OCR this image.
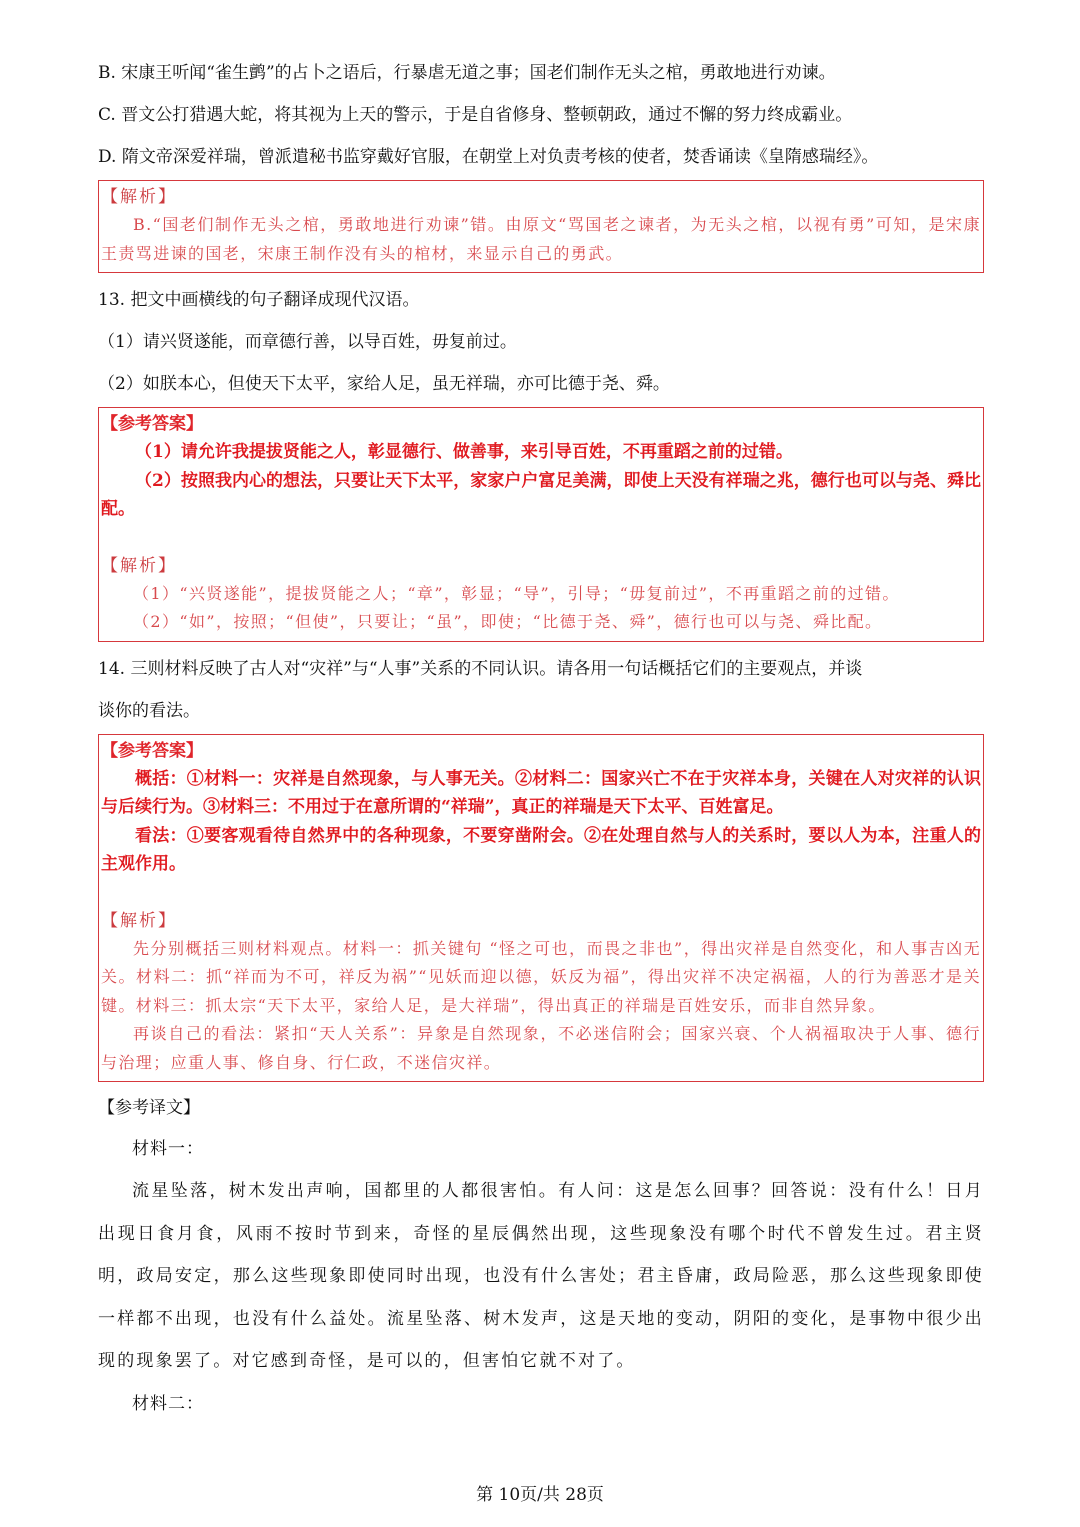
B. 宋康王听闻“雀生鹯”的占卜之语后，行暴虐无道之事；国老们制作无头之棺，勇敢地进行劝谏。

C. 晋文公打猎遇大蛇，将其视为上天的警示，于是自省修身、整顿朝政，通过不懈的努力终成霸业。

D. 隋文帝深爱祥瑞，曾派遣秘书监穿戴好官服，在朝堂上对负责考核的使者，焚香诵读《皇隋感瑞经》。

【解析】

B.“国老们制作无头之棺，勇敢地进行劝谏”错。由原文“骂国老之谏者，为无头之棺，以视有勇”可知，是宋康王责骂进谏的国老，宋康王制作没有头的棺材，来显示自己的勇武。

13. 把文中画横线的句子翻译成现代汉语。

（1）请兴贤遂能，而章德行善，以导百姓，毋复前过。

（2）如朕本心，但使天下太平，家给人足，虽无祥瑞，亦可比德于尧、舜。

【参考答案】

（1）请允许我提拔贤能之人，彰显德行、做善事，来引导百姓，不再重蹈之前的过错。

（2）按照我内心的想法，只要让天下太平，家家户户富足美满，即使上天没有祥瑞之兆，德行也可以与尧、舜比配。

【解析】

（1）“兴贤遂能”，提拔贤能之人；“章”，彰显；“导”，引导；“毋复前过”，不再重蹈之前的过错。

（2）“如”，按照；“但使”，只要让；“虽”，即使；“比德于尧、舜”，德行也可以与尧、舜比配。

14. 三则材料反映了古人对“灾祥”与“人事”关系的不同认识。请各用一句话概括它们的主要观点，并谈

谈你的看法。

【参考答案】

概括：①材料一：灾祥是自然现象，与人事无关。②材料二：国家兴亡不在于灾祥本身，关键在人对灾祥的认识与后续行为。③材料三：不用过于在意所谓的“祥瑞”，真正的祥瑞是天下太平、百姓富足。

看法：①要客观看待自然界中的各种现象，不要穿凿附会。②在处理自然与人的关系时，要以人为本，注重人的主观作用。

【解析】

先分别概括三则材料观点。材料一：抓关键句 “怪之可也，而畏之非也”，得出灾祥是自然变化，和人事吉凶无关。材料二：抓“祥而为不可，祥反为祸”“见妖而迎以德，妖反为福”，得出灾祥不决定祸福，人的行为善恶才是关键。材料三：抓太宗“天下太平，家给人足，是大祥瑞”，得出真正的祥瑞是百姓安乐，而非自然异象。

再谈自己的看法：紧扣“天人关系”：异象是自然现象，不必迷信附会；国家兴衰、个人祸福取决于人事、德行与治理；应重人事、修自身、行仁政，不迷信灾祥。

【参考译文】

材料一：

流星坠落，树木发出声响，国都里的人都很害怕。有人问：这是怎么回事？回答说：没有什么！日月出现日食月食，风雨不按时节到来，奇怪的星辰偶然出现，这些现象没有哪个时代不曾发生过。君主贤明，政局安定，那么这些现象即使同时出现，也没有什么害处；君主昏庸，政局险恶，那么这些现象即使一样都不出现，也没有什么益处。流星坠落、树木发声，这是天地的变动，阴阳的变化，是事物中很少出现的现象罢了。对它感到奇怪，是可以的，但害怕它就不对了。

材料二：

第 10页/共 28页
